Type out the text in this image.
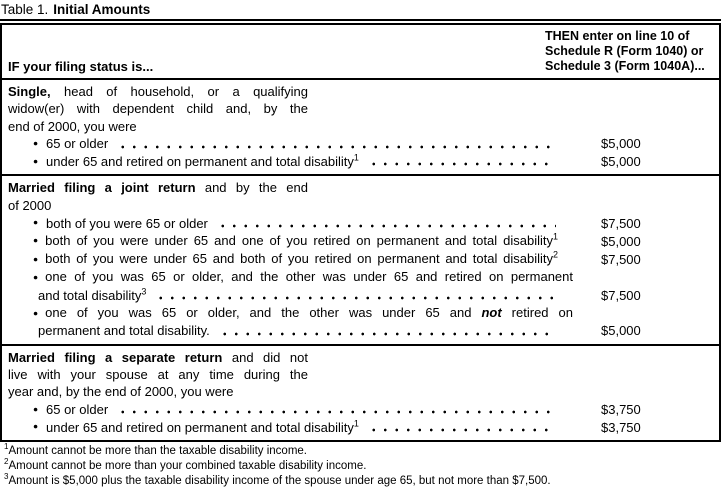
Table 1. Initial Amounts
IF your filing status is...
THEN enter on line 10 of
Schedule R (Form 1040) or
Schedule 3 (Form 1040A)...
Single, head of household, or a qualifying
widow(er) with dependent child and, by the
end of 2000, you were
● 65 or older	$5,000
● under 65 and retired on permanent and total disability$^1$	$5,000
Married filing a joint return and by the end
of 2000
● both of you were 65 or older	$7,500
● both of you were under 65 and one of you retired on permanent and total disability$^1$	$5,000
● both of you were under 65 and both of you retired on permanent and total disability$^2$	$7,500
● one of you was 65 or older, and the other was under 65 and retired on permanent
and total disability$^3$	$7,500
● one of you was 65 or older, and the other was under 65 and not retired on
permanent and total disability.	$5,000
Married filing a separate return and did not
live with your spouse at any time during the
year and, by the end of 2000, you were
● 65 or older	$3,750
● under 65 and retired on permanent and total disability$^1$	$3,750
$^1$Amount cannot be more than the taxable disability income.
$^2$Amount cannot be more than your combined taxable disability income.
$^3$Amount is $5,000 plus the taxable disability income of the spouse under age 65, but not more than $7,500.
